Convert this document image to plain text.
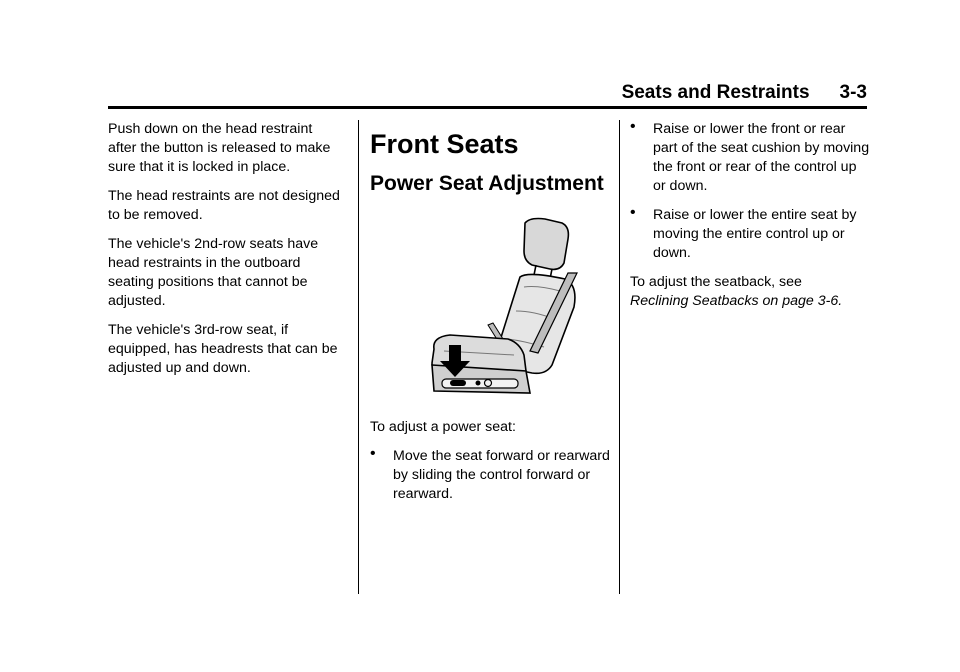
Seats and Restraints 3-3

Push down on the head restraint after the button is released to make sure that it is locked in place.

The head restraints are not designed to be removed.

The vehicle's 2nd-row seats have head restraints in the outboard seating positions that cannot be adjusted.

The vehicle's 3rd-row seat, if equipped, has headrests that can be adjusted up and down.

Front Seats
Power Seat Adjustment

To adjust a power seat:

• Move the seat forward or rearward by sliding the control forward or rearward.
• Raise or lower the front or rear part of the seat cushion by moving the front or rear of the control up or down.
• Raise or lower the entire seat by moving the entire control up or down.

To adjust the seatback, see
Reclining Seatbacks on page 3-6.
